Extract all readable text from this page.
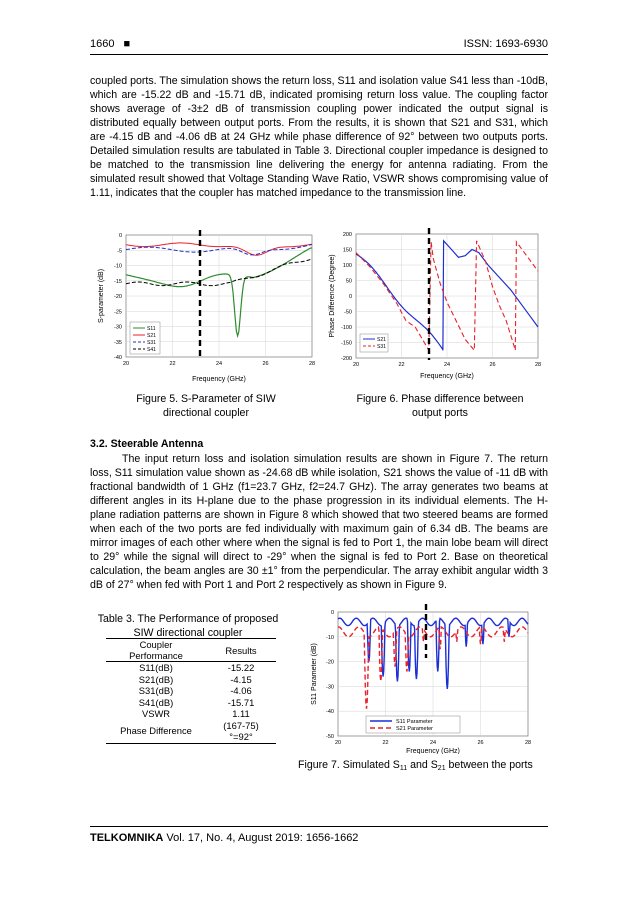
1660 ■	ISSN: 1693-6930

coupled ports. The simulation shows the return loss, S11 and isolation value S41 less than -10dB, which are -15.22 dB and -15.71 dB, indicated promising return loss value. The coupling factor shows average of -3±2 dB of transmission coupling power indicated the output signal is distributed equally between output ports. From the results, it is shown that S21 and S31, which are -4.15 dB and -4.06 dB at 24 GHz while phase difference of 92° between two outputs ports. Detailed simulation results are tabulated in Table 3. Directional coupler impedance is designed to be matched to the transmission line delivering the energy for antenna radiating. From the simulated result showed that Voltage Standing Wave Ratio, VSWR shows compromising value of 1.11, indicates that the coupler has matched impedance to the transmission line.

0
-5
-10
-15
-20
-25
-30
-35
-40
20	22	24	26	28
S-parameter (dB)
Frequency (GHz)
S11
S21
S31
S41
Figure 5. S-Parameter of SIW
directional coupler
200
150
100
50
0
-50
-100
-150
-200
20	22	24	26	28
Phase Difference (Degree)
Frequency (GHz)
S21
S31
Figure 6. Phase difference between
output ports
3.2. Steerable Antenna

The input return loss and isolation simulation results are shown in Figure 7. The return loss, S11 simulation value shown as -24.68 dB while isolation, S21 shows the value of -11 dB with fractional bandwidth of 1 GHz (f1=23.7 GHz, f2=24.7 GHz). The array generates two beams at different angles in its H-plane due to the phase progression in its individual elements. The H-plane radiation patterns are shown in Figure 8 which showed that two steered beams are formed when each of the two ports are fed individually with maximum gain of 6.34 dB. The beams are mirror images of each other where when the signal is fed to Port 1, the main lobe beam will direct to 29° while the signal will direct to -29° when the signal is fed to Port 2. Base on theoretical calculation, the beam angles are 30 ±1° from the perpendicular. The array exhibit angular width 3 dB of 27° when fed with Port 1 and Port 2 respectively as shown in Figure 9.

Table 3. The Performance of proposed
SIW directional coupler
Coupler Performance	Results
S11(dB)	-15.22
S21(dB)	-4.15
S31(dB)	-4.06
S41(dB)	-15.71
VSWR	1.11
Phase Difference	(167-75)°=92°
0
-10
-20
-30
-40
-50
20	22	24	26	28
S11 Parameter (dB)
Frequency (GHz)
S11 Parameter
S21 Parameter
Figure 7. Simulated $S_{11}$ and $S_{21}$ between the ports
TELKOMNIKA Vol. 17, No. 4, August 2019: 1656-1662
